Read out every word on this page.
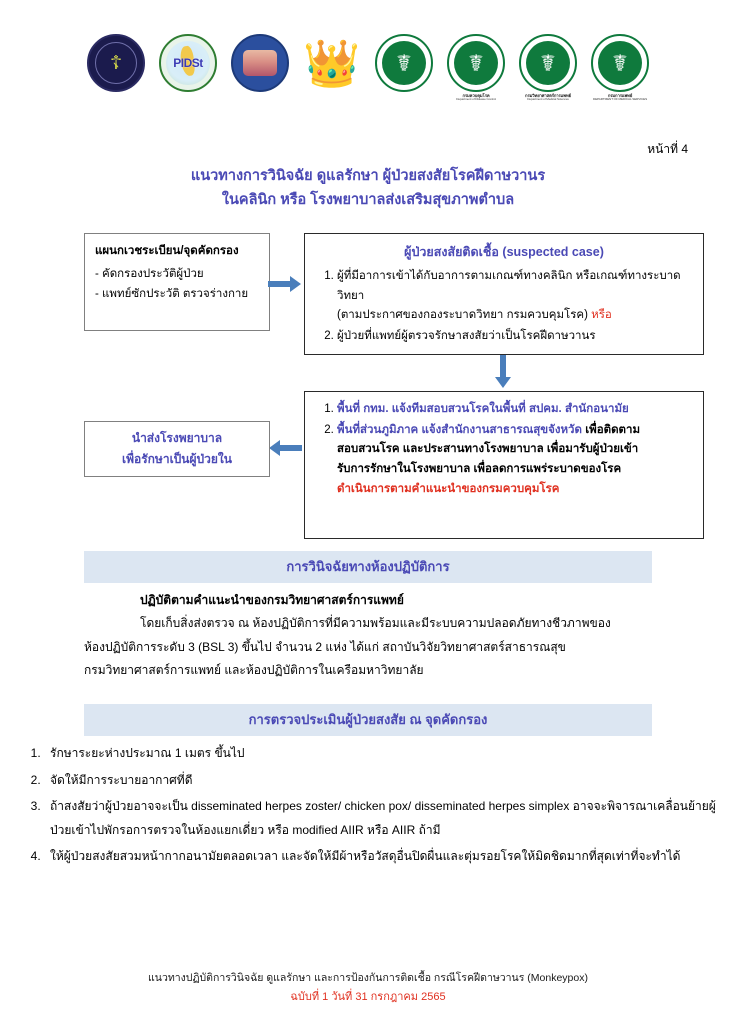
☦	PIDSt 👑	☤	☤
กรมควบคุมโรค
Department of Disease Control
☤
กรมวิทยาศาสตร์การแพทย์
Department of Medical Sciences
☤
กรมการแพทย์
DEPARTMENT OF MEDICAL SERVICES
หน้าที่ 4
แนวทางการวินิจฉัย ดูแลรักษา ผู้ป่วยสงสัยโรคฝีดาษวานร
ในคลินิก หรือ โรงพยาบาลส่งเสริมสุขภาพตำบล
แผนกเวชระเบียน/จุดคัดกรอง
- คัดกรองประวัติผู้ป่วย
- แพทย์ซักประวัติ ตรวจร่างกาย
ผู้ป่วยสงสัยติดเชื้อ (suspected case)
1. ผู้ที่มีอาการเข้าได้กับอาการตามเกณฑ์ทางคลินิก หรือเกณฑ์ทางระบาดวิทยา
(ตามประกาศของกองระบาดวิทยา กรมควบคุมโรค) หรือ
2. ผู้ป่วยที่แพทย์ผู้ตรวจรักษาสงสัยว่าเป็นโรคฝีดาษวานร
1. พื้นที่ กทม. แจ้งทีมสอบสวนโรคในพื้นที่ สปคม. สำนักอนามัย
2. พื้นที่ส่วนภูมิภาค แจ้งสำนักงานสาธารณสุขจังหวัด เพื่อติดตาม
สอบสวนโรค และประสานทางโรงพยาบาล เพื่อมารับผู้ป่วยเข้า
รับการรักษาในโรงพยาบาล เพื่อลดการแพร่ระบาดของโรค
ดำเนินการตามคำแนะนำของกรมควบคุมโรค
นำส่งโรงพยาบาล
เพื่อรักษาเป็นผู้ป่วยใน
การวินิจฉัยทางห้องปฏิบัติการ
ปฏิบัติตามคำแนะนำของกรมวิทยาศาสตร์การแพทย์
โดยเก็บสิ่งส่งตรวจ ณ ห้องปฏิบัติการที่มีความพร้อมและมีระบบความปลอดภัยทางชีวภาพของ
ห้องปฏิบัติการระดับ 3 (BSL 3) ขึ้นไป จำนวน 2 แห่ง ได้แก่ สถาบันวิจัยวิทยาศาสตร์สาธารณสุข
กรมวิทยาศาสตร์การแพทย์ และห้องปฏิบัติการในเครือมหาวิทยาลัย
การตรวจประเมินผู้ป่วยสงสัย ณ จุดคัดกรอง
1. รักษาระยะห่างประมาณ 1 เมตร ขึ้นไป
2. จัดให้มีการระบายอากาศที่ดี
3. ถ้าสงสัยว่าผู้ป่วยอาจจะเป็น disseminated herpes zoster/ chicken pox/ disseminated herpes simplex อาจจะพิจารณาเคลื่อนย้ายผู้ป่วยเข้าไปพักรอการตรวจในห้องแยกเดี่ยว หรือ modified AIIR หรือ AIIR ถ้ามี
4. ให้ผู้ป่วยสงสัยสวมหน้ากากอนามัยตลอดเวลา และจัดให้มีผ้าหรือวัสดุอื่นปิดผื่นและตุ่มรอยโรคให้มิดชิดมากที่สุดเท่าที่จะทำได้
แนวทางปฏิบัติการวินิจฉัย ดูแลรักษา และการป้องกันการติดเชื้อ กรณีโรคฝีดาษวานร (Monkeypox)
ฉบับที่ 1 วันที่ 31 กรกฎาคม 2565
